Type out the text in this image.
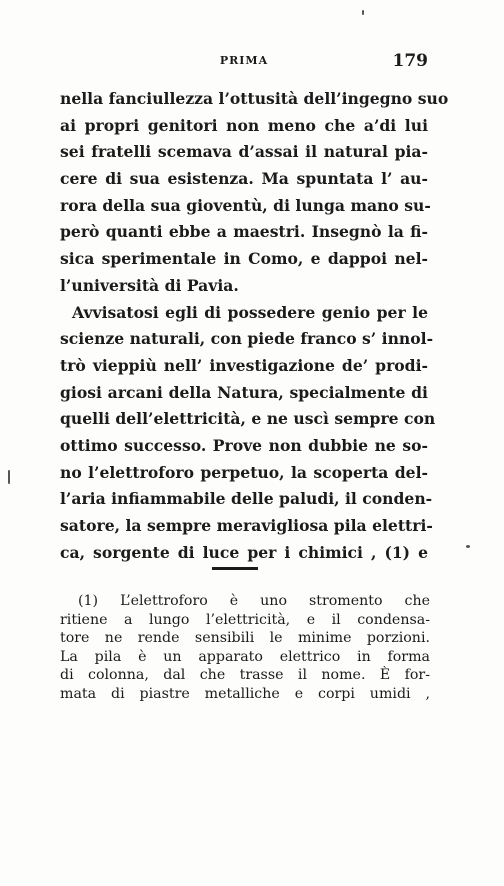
PRIMA	179
nella fanciullezza l’ottusità dell’ingegno suo
ai propri genitori non meno che a’di lui
sei fratelli scemava d’assai il natural pia-
cere di sua esistenza. Ma spuntata l’ au-
rora della sua gioventù, di lunga mano su-
però quanti ebbe a maestri. Insegnò la fi-
sica sperimentale in Como, e dappoi nel-
l’università di Pavia.
Avvisatosi egli di possedere genio per le
scienze naturali, con piede franco s’ innol-
trò vieppiù nell’ investigazione de’ prodi-
giosi arcani della Natura, specialmente di
quelli dell’elettricità, e ne uscì sempre con
ottimo successo. Prove non dubbie ne so-
no l’elettroforo perpetuo, la scoperta del-
l’aria infiammabile delle paludi, il conden-
satore, la sempre meravigliosa pila elettri-
ca, sorgente di luce per i chimici , (1) e
(1) L’elettroforo è uno stromento che
ritiene a lungo l’elettricità, e il condensa-
tore ne rende sensibili le minime porzioni.
La pila è un apparato elettrico in forma
di colonna, dal che trasse il nome. È for-
mata di piastre metalliche e corpi umidi ,
